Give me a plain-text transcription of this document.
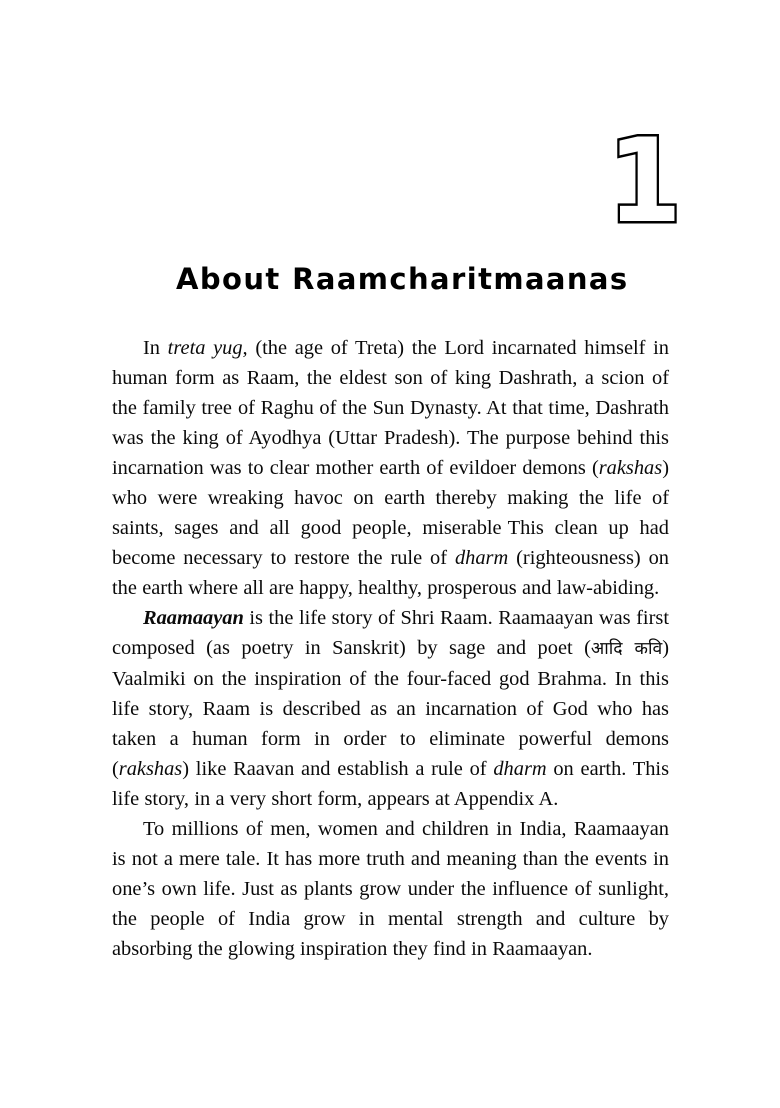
1
About Raamcharitmaanas

In treta yug, (the age of Treta) the Lord incarnated himself in human form as Raam, the eldest son of king Dashrath, a scion of the family tree of Raghu of the Sun Dynasty. At that time, Dashrath was the king of Ayodhya (Uttar Pradesh). The purpose behind this incarnation was to clear mother earth of evildoer demons (rakshas) who were wreaking havoc on earth thereby making the life of saints, sages and all good people, miserable This clean up had become necessary to restore the rule of dharm (righteousness) on the earth where all are happy, healthy, prosperous and law-abiding.

Raamaayan is the life story of Shri Raam. Raamaayan was first composed (as poetry in Sanskrit) by sage and poet (आदि कवि) Vaalmiki on the inspiration of the four-faced god Brahma. In this life story, Raam is described as an incarnation of God who has taken a human form in order to eliminate powerful demons (rakshas) like Raavan and establish a rule of dharm on earth. This life story, in a very short form, appears at Appendix A.

To millions of men, women and children in India, Raamaayan is not a mere tale. It has more truth and meaning than the events in one’s own life. Just as plants grow under the influence of sunlight, the people of India grow in mental strength and culture by absorbing the glowing inspiration they find in Raamaayan.
